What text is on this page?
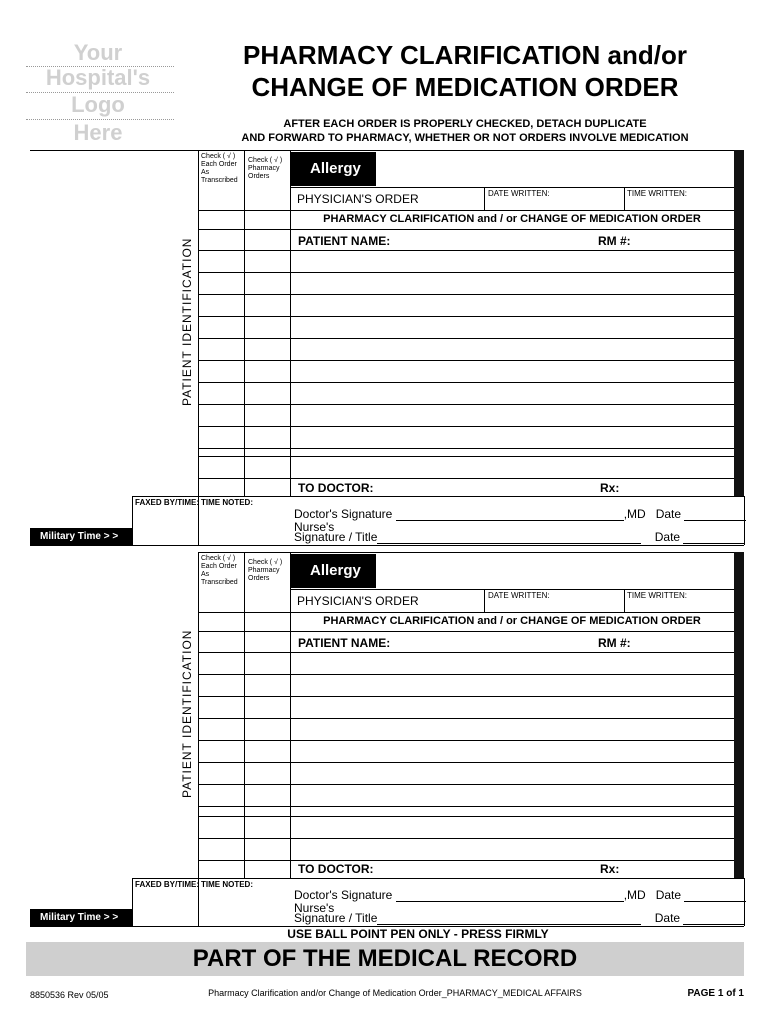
Your
Hospital's
Logo
Here
PHARMACY CLARIFICATION and/or
CHANGE OF MEDICATION ORDER
AFTER EACH ORDER IS PROPERLY CHECKED, DETACH DUPLICATE
AND FORWARD TO PHARMACY, WHETHER OR NOT ORDERS INVOLVE MEDICATION
Check ( √ ) Each Order As Transcribed
Check ( √ ) Pharmacy Orders	Allergy
PHYSICIAN'S ORDER	DATE WRITTEN:	TIME WRITTEN:
PHARMACY CLARIFICATION and / or CHANGE OF MEDICATION ORDER
PATIENT NAME:	RM #:
PATIENT IDENTIFICATION
TO DOCTOR:	Rx:
FAXED BY/TIME: TIME NOTED:
Doctor's Signature	,MD Date
Nurse's
Signature / Title	Date
Military Time > >
Check ( √ ) Each Order As Transcribed
Check ( √ ) Pharmacy Orders	Allergy
PHYSICIAN'S ORDER	DATE WRITTEN:	TIME WRITTEN:
PHARMACY CLARIFICATION and / or CHANGE OF MEDICATION ORDER
PATIENT NAME:	RM #:
PATIENT IDENTIFICATION
TO DOCTOR:	Rx:
FAXED BY/TIME: TIME NOTED:
Doctor's Signature	,MD Date
Nurse's
Signature / Title	Date
Military Time > >
USE BALL POINT PEN ONLY - PRESS FIRMLY
PART OF THE MEDICAL RECORD
8850536 Rev 05/05	Pharmacy Clarification and/or Change of Medication Order_PHARMACY_MEDICAL AFFAIRS	PAGE 1 of 1
